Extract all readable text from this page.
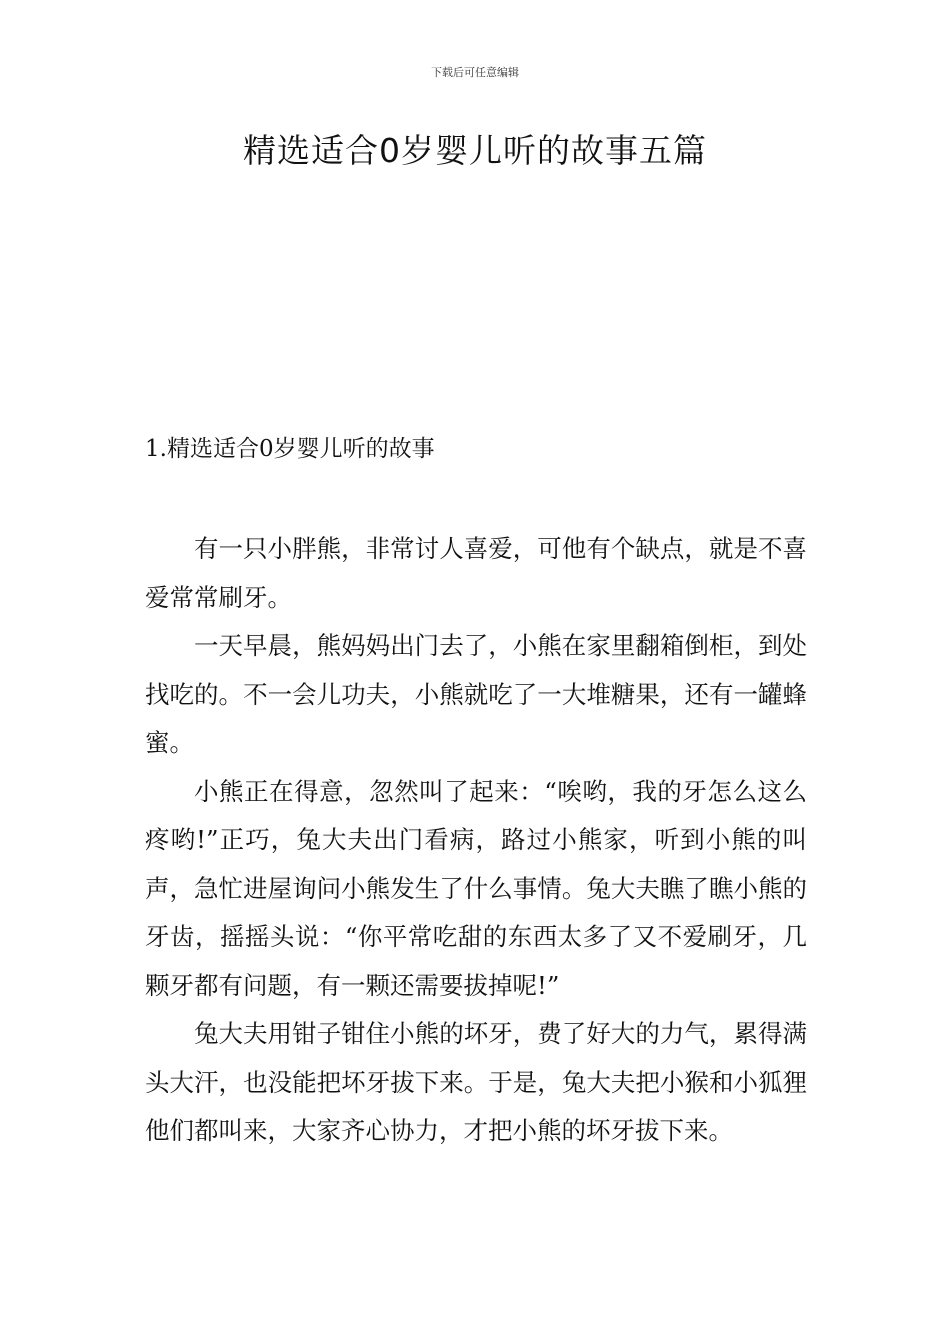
下载后可任意编辑
精选适合0岁婴儿听的故事五篇
1.精选适合0岁婴儿听的故事

有一只小胖熊，非常讨人喜爱，可他有个缺点，就是不喜爱常常刷牙。

一天早晨，熊妈妈出门去了，小熊在家里翻箱倒柜，到处找吃的。不一会儿功夫，小熊就吃了一大堆糖果，还有一罐蜂蜜。

小熊正在得意，忽然叫了起来：“唉哟，我的牙怎么这么疼哟!”正巧，兔大夫出门看病，路过小熊家，听到小熊的叫声，急忙进屋询问小熊发生了什么事情。兔大夫瞧了瞧小熊的牙齿，摇摇头说：“你平常吃甜的东西太多了又不爱刷牙，几颗牙都有问题，有一颗还需要拔掉呢!”

兔大夫用钳子钳住小熊的坏牙，费了好大的力气，累得满头大汗，也没能把坏牙拔下来。于是，兔大夫把小猴和小狐狸他们都叫来，大家齐心协力，才把小熊的坏牙拔下来。
